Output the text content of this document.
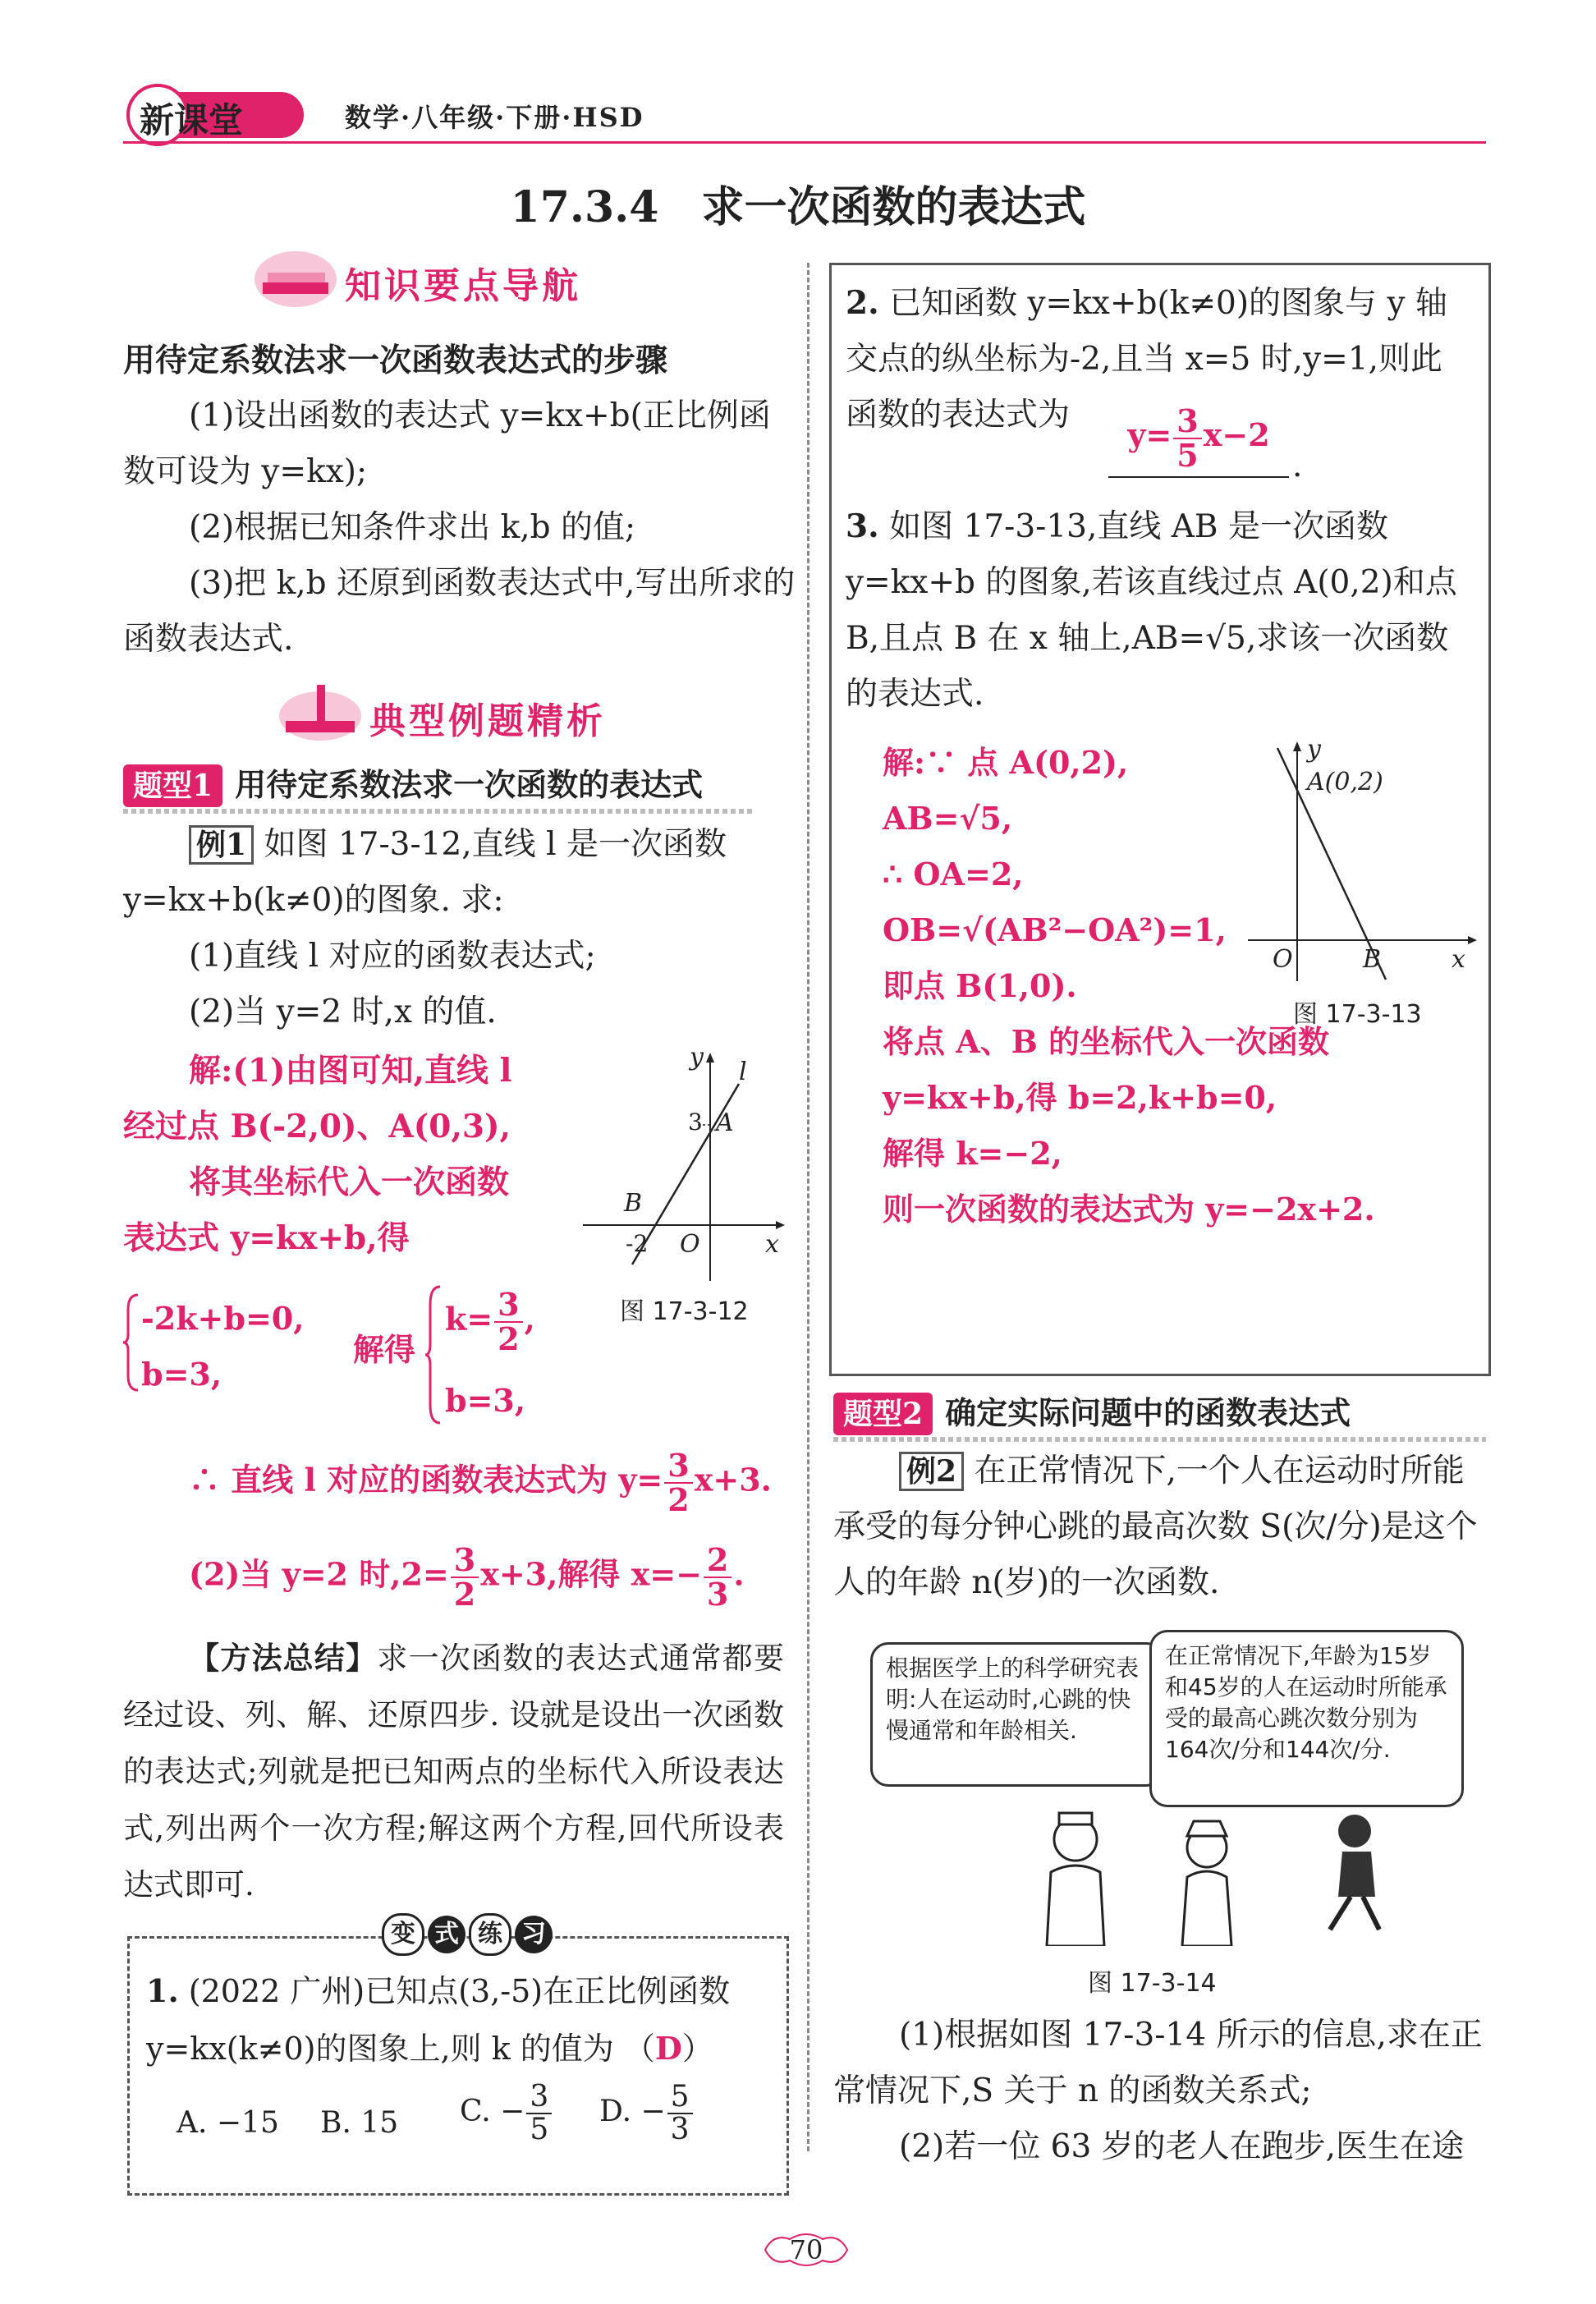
新课堂	数学·八年级·下册·HSD
17.3.4　求一次函数的表达式
知识要点导航
用待定系数法求一次函数表达式的步骤
(1)设出函数的表达式 y=kx+b(正比例函数可设为 y=kx);
(2)根据已知条件求出 k,b 的值;
(3)把 k,b 还原到函数表达式中,写出所求的函数表达式.
典型例题精析
题型1 用待定系数法求一次函数的表达式
例1 如图 17-3-12,直线 l 是一次函数 y=kx+b(k≠0)的图象. 求:
(1)直线 l 对应的函数表达式;
(2)当 y=2 时,x 的值.
解:(1)由图可知,直线 l
经过点 B(-2,0)、A(0,3),
将其坐标代入一次函数
表达式 y=kx+b,得
y
l
3 A
B
-2 O	x
图 17-3-12
-2k+b=0,
b=3,
解得
$k= \frac{3}{2}$ ,
b=3,
∴ 直线 l 对应的函数表达式为 $y= \frac{3}{2} x+3$.
(2)当 y=2 时$,2= \frac{3}{2} x+3$,解得 $x=- \frac{2}{3}$ .
【方法总结】求一次函数的表达式通常都要经过设、列、解、还原四步. 设就是设出一次函数的表达式;列就是把已知两点的坐标代入所设表达式,列出两个一次方程;解这两个方程,回代所设表达式即可.
变 式 练 习
1. (2022 广州)已知点(3,-5)在正比例函数 y=kx(k≠0)的图象上,则 k 的值为 （D）
A. −15 B. 15 C. − $\frac{3}{5} D$. − $\frac{5}{3}$
2. 已知函数 y=kx+b(k≠0)的图象与 y 轴交点的纵坐标为-2,且当 x=5 时,y=1,则此函数的表达式为
$y= \frac{3}{5} x-2$
.
3. 如图 17-3-13,直线 AB 是一次函数 y=kx+b 的图象,若该直线过点 A(0,2)和点 B,且点 B 在 x 轴上,AB=√5,求该一次函数的表达式.
解:∵ 点 A(0,2),
AB=√5,
∴ OA=2,
OB=√(AB²−OA²)=1,
即点 B(1,0).
将点 A、B 的坐标代入一次函数
y=kx+b,得 b=2,k+b=0,
解得 k=−2,
则一次函数的表达式为 y=−2x+2.
y
A(0,2)
O	B	x
图 17-3-13
题型2 确定实际问题中的函数表达式
例2 在正常情况下,一个人在运动时所能承受的每分钟心跳的最高次数 S(次/分)是这个人的年龄 n(岁)的一次函数.
根据医学上的科学研究表明:人在运动时,心跳的快慢通常和年龄相关.
在正常情况下,年龄为15岁和45岁的人在运动时所能承受的最高心跳次数分别为164次/分和144次/分.
图 17-3-14
(1)根据如图 17-3-14 所示的信息,求在正常情况下,S 关于 n 的函数关系式;
(2)若一位 63 岁的老人在跑步,医生在途
70
